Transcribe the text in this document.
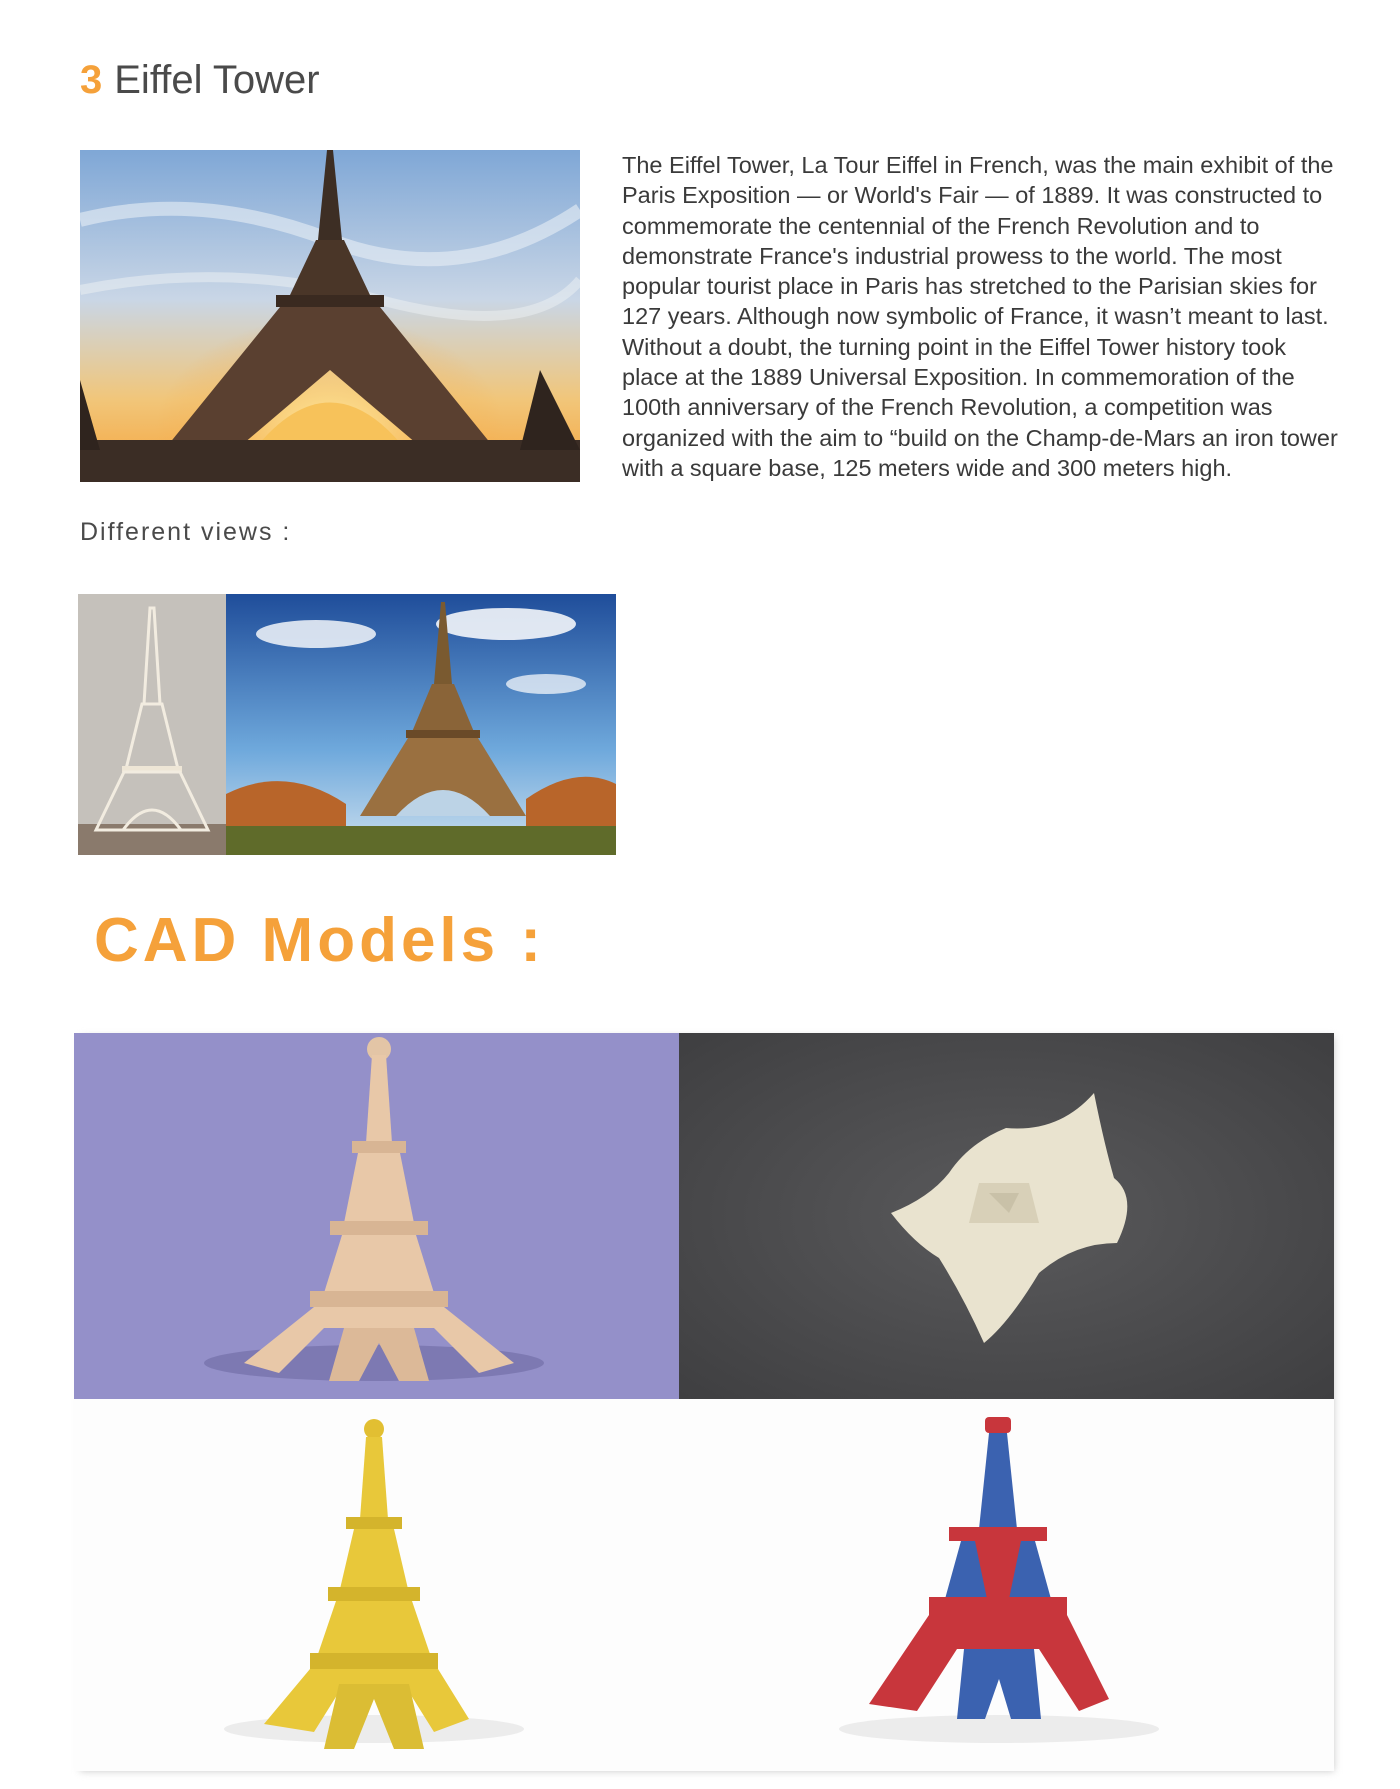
3 Eiffel Tower
The Eiffel Tower, La Tour Eiffel in French, was the main exhibit of the Paris Exposition — or World's Fair — of 1889. It was constructed to commemorate the centennial of the French Revolution and to demonstrate France's industrial prowess to the world. The most popular tourist place in Paris has stretched to the Parisian skies for 127 years. Although now symbolic of France, it wasn’t meant to last. Without a doubt, the turning point in the Eiffel Tower history took place at the 1889 Universal Exposition. In commemoration of the 100th anniversary of the French Revolution, a competition was organized with the aim to “build on the Champ-de-Mars an iron tower with a square base, 125 meters wide and 300 meters high.
Different views :
CAD Models :
